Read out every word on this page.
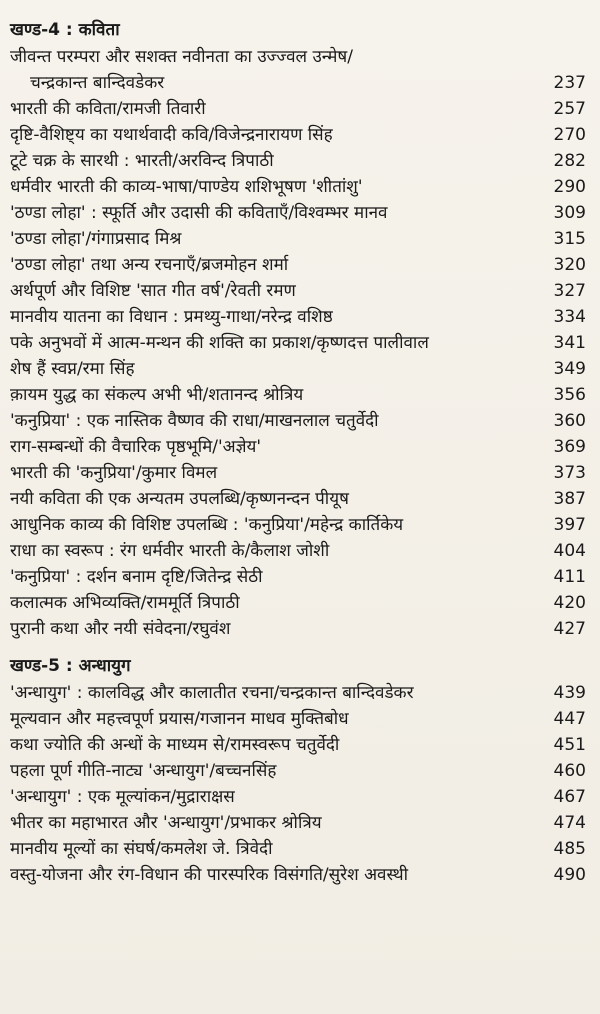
खण्ड-4 : कविता
जीवन्त परम्परा और सशक्त नवीनता का उज्ज्वल उन्मेष/
चन्द्रकान्त बान्दिवडेकर	237
भारती की कविता/रामजी तिवारी	257
दृष्टि-वैशिष्ट्य का यथार्थवादी कवि/विजेन्द्रनारायण सिंह	270
टूटे चक्र के सारथी : भारती/अरविन्द त्रिपाठी	282
धर्मवीर भारती की काव्य-भाषा/पाण्डेय शशिभूषण 'शीतांशु'	290
'ठण्डा लोहा' : स्फूर्ति और उदासी की कविताएँ/विश्वम्भर मानव	309
'ठण्डा लोहा'/गंगाप्रसाद मिश्र	315
'ठण्डा लोहा' तथा अन्य रचनाएँ/ब्रजमोहन शर्मा	320
अर्थपूर्ण और विशिष्ट 'सात गीत वर्ष'/रेवती रमण	327
मानवीय यातना का विधान : प्रमथ्यु-गाथा/नरेन्द्र वशिष्ठ	334
पके अनुभवों में आत्म-मन्थन की शक्ति का प्रकाश/कृष्णदत्त पालीवाल	341
शेष हैं स्वप्न/रमा सिंह	349
क़ायम युद्ध का संकल्प अभी भी/शतानन्द श्रोत्रिय	356
'कनुप्रिया' : एक नास्तिक वैष्णव की राधा/माखनलाल चतुर्वेदी	360
राग-सम्बन्धों की वैचारिक पृष्ठभूमि/'अज्ञेय'	369
भारती की 'कनुप्रिया'/कुमार विमल	373
नयी कविता की एक अन्यतम उपलब्धि/कृष्णनन्दन पीयूष	387
आधुनिक काव्य की विशिष्ट उपलब्धि : 'कनुप्रिया'/महेन्द्र कार्तिकेय	397
राधा का स्वरूप : रंग धर्मवीर भारती के/कैलाश जोशी	404
'कनुप्रिया' : दर्शन बनाम दृष्टि/जितेन्द्र सेठी	411
कलात्मक अभिव्यक्ति/राममूर्ति त्रिपाठी	420
पुरानी कथा और नयी संवेदना/रघुवंश	427
खण्ड-5 : अन्धायुग
'अन्धायुग' : कालविद्ध और कालातीत रचना/चन्द्रकान्त बान्दिवडेकर	439
मूल्यवान और महत्त्वपूर्ण प्रयास/गजानन माधव मुक्तिबोध	447
कथा ज्योति की अन्धों के माध्यम से/रामस्वरूप चतुर्वेदी	451
पहला पूर्ण गीति-नाट्य 'अन्धायुग'/बच्चनसिंह	460
'अन्धायुग' : एक मूल्यांकन/मुद्राराक्षस	467
भीतर का महाभारत और 'अन्धायुग'/प्रभाकर श्रोत्रिय	474
मानवीय मूल्यों का संघर्ष/कमलेश जे. त्रिवेदी	485
वस्तु-योजना और रंग-विधान की पारस्परिक विसंगति/सुरेश अवस्थी	490
